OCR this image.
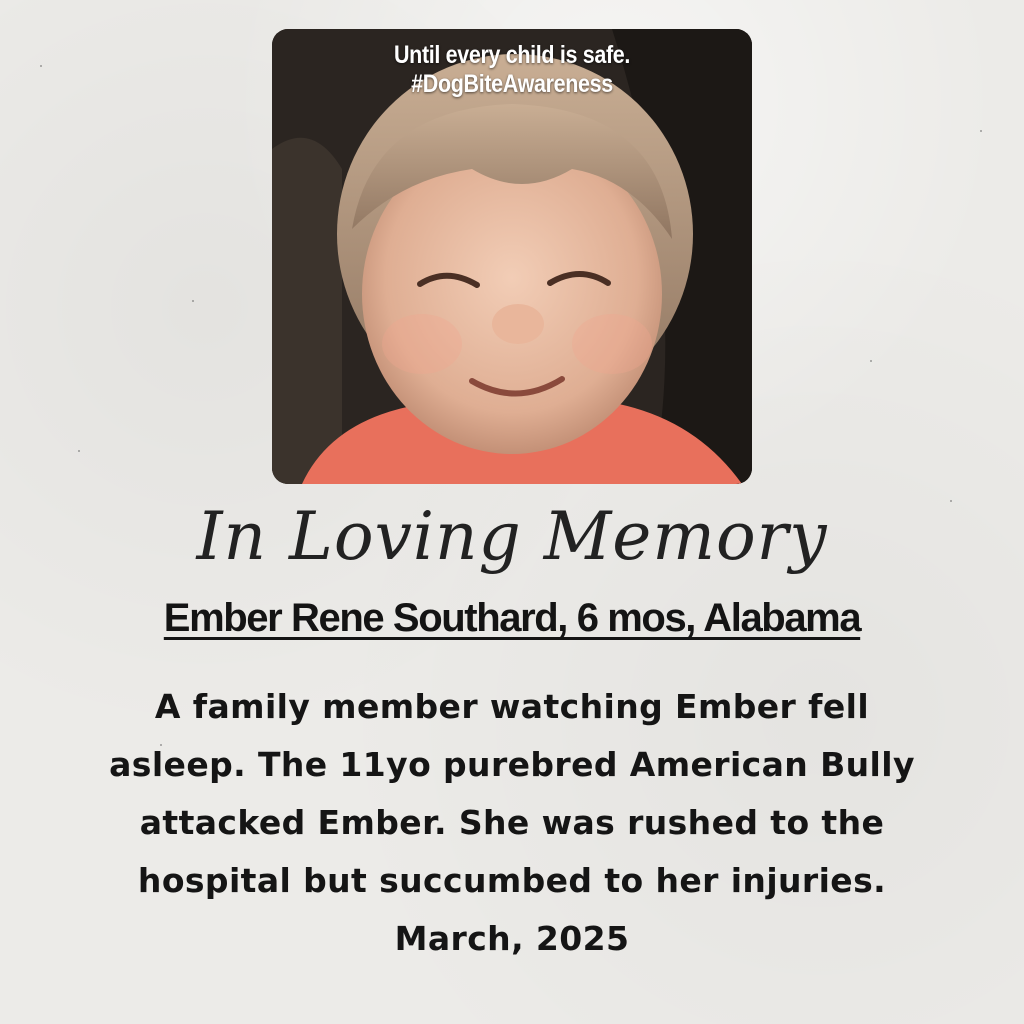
Until every child is safe.
#DogBiteAwareness
In Loving Memory
Ember Rene Southard, 6 mos, Alabama
A family member watching Ember fell
asleep. The 11yo purebred American Bully
attacked Ember. She was rushed to the
hospital but succumbed to her injuries.
March, 2025
